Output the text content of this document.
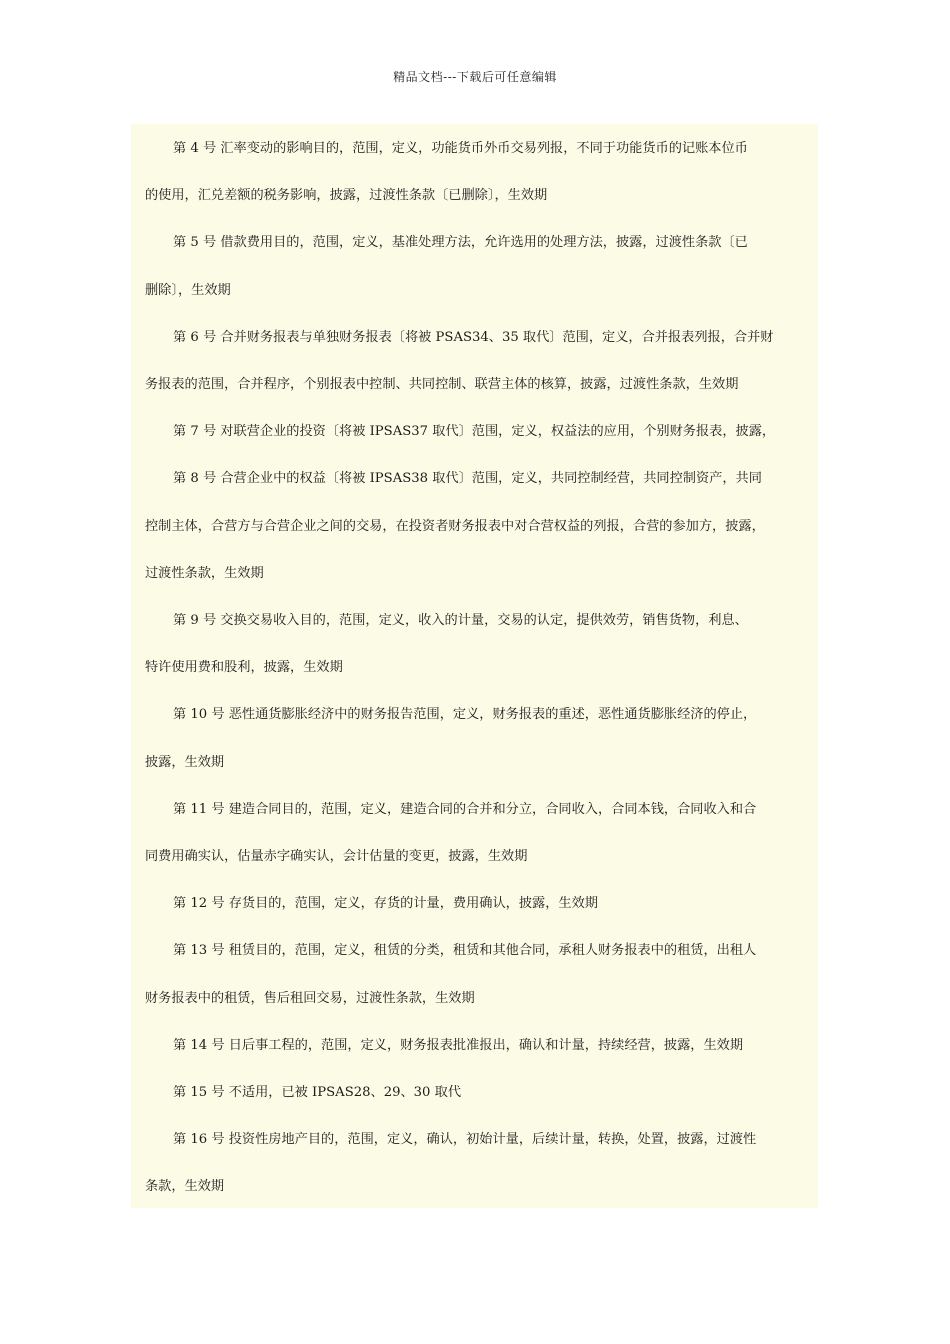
精品文档---下载后可任意编辑
第 4 号 汇率变动的影响目的，范围，定义，功能货币外币交易列报，不同于功能货币的记账本位币
的使用，汇兑差额的税务影响，披露，过渡性条款〔已删除〕，生效期
第 5 号 借款费用目的，范围，定义，基准处理方法，允许选用的处理方法，披露，过渡性条款〔已
删除〕，生效期
第 6 号 合并财务报表与单独财务报表〔将被 PSAS34、35 取代〕范围，定义，合并报表列报，合并财
务报表的范围，合并程序，个别报表中控制、共同控制、联营主体的核算，披露，过渡性条款，生效期
第 7 号 对联营企业的投资〔将被 IPSAS37 取代〕范围，定义，权益法的应用，个别财务报表，披露，
第 8 号 合营企业中的权益〔将被 IPSAS38 取代〕范围，定义，共同控制经营，共同控制资产，共同
控制主体，合营方与合营企业之间的交易，在投资者财务报表中对合营权益的列报，合营的参加方，披露，
过渡性条款，生效期
第 9 号 交换交易收入目的，范围，定义，收入的计量，交易的认定，提供效劳，销售货物，利息、
特许使用费和股利，披露，生效期
第 10 号 恶性通货膨胀经济中的财务报告范围，定义，财务报表的重述，恶性通货膨胀经济的停止，
披露，生效期
第 11 号 建造合同目的，范围，定义，建造合同的合并和分立，合同收入，合同本钱，合同收入和合
同费用确实认，估量赤字确实认，会计估量的变更，披露，生效期
第 12 号 存货目的，范围，定义，存货的计量，费用确认，披露，生效期
第 13 号 租赁目的，范围，定义，租赁的分类，租赁和其他合同，承租人财务报表中的租赁，出租人
财务报表中的租赁，售后租回交易，过渡性条款，生效期
第 14 号 日后事工程的，范围，定义，财务报表批准报出，确认和计量，持续经营，披露，生效期
第 15 号 不适用，已被 IPSAS28、29、30 取代
第 16 号 投资性房地产目的，范围，定义，确认，初始计量，后续计量，转换，处置，披露，过渡性
条款，生效期
